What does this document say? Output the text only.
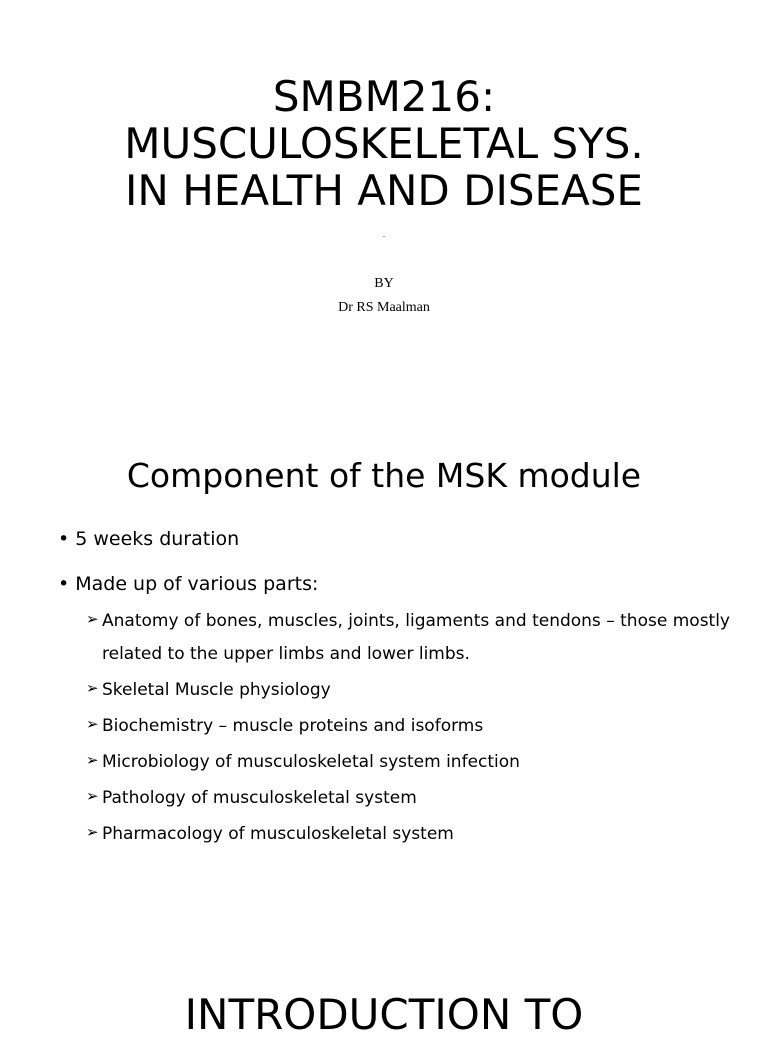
SMBM216:
MUSCULOSKELETAL SYS.
IN HEALTH AND DISEASE
.
BY
Dr RS Maalman
Component of the MSK module
• 5 weeks duration
• Made up of various parts:
➢ Anatomy of bones, muscles, joints, ligaments and tendons – those mostly related to the upper limbs and lower limbs.
➢ Skeletal Muscle physiology
➢ Biochemistry – muscle proteins and isoforms
➢ Microbiology of musculoskeletal system infection
➢ Pathology of musculoskeletal system
➢ Pharmacology of musculoskeletal system
INTRODUCTION TO
